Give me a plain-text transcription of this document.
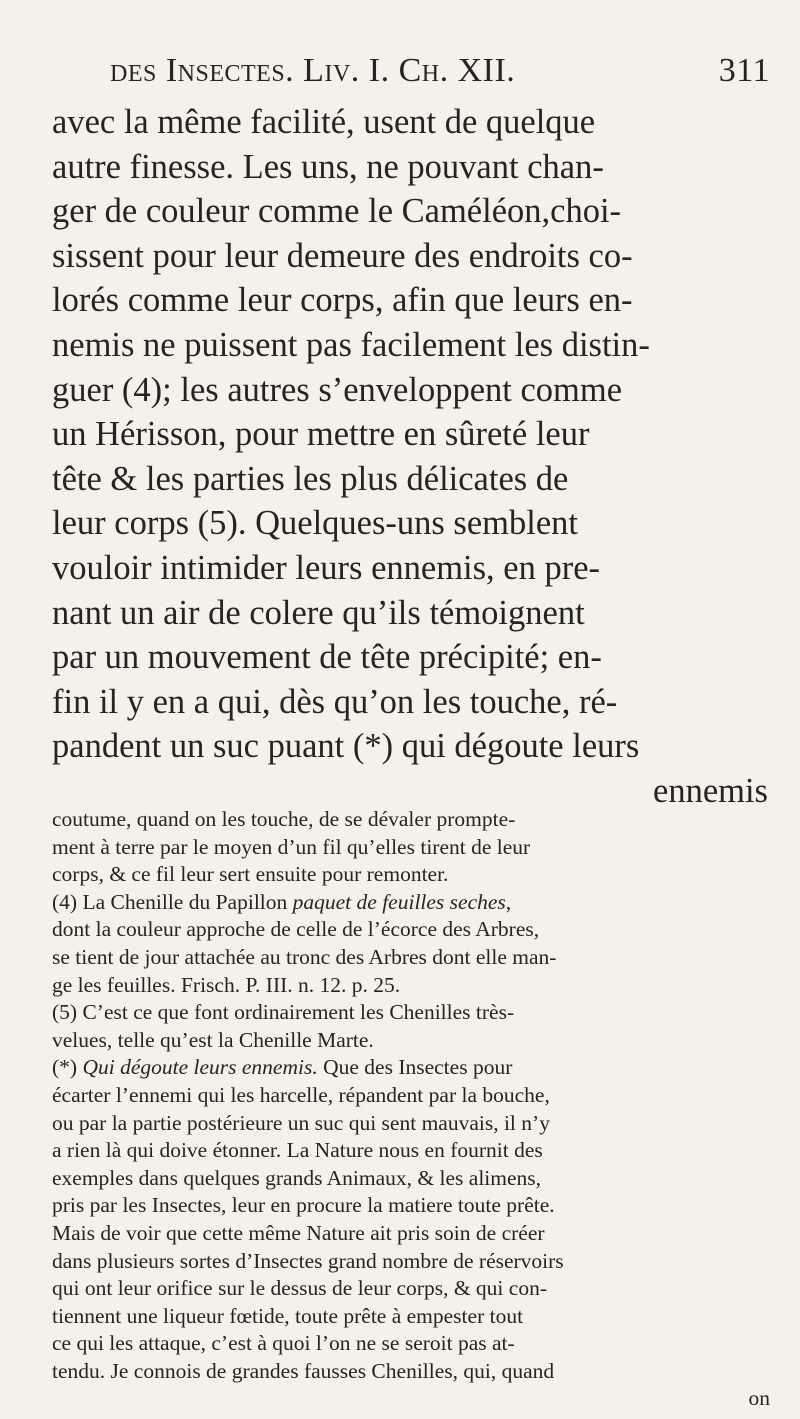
des Insectes. Liv. I. Ch. XII.	311
avec la même facilité, usent de quelque
autre finesse. Les uns, ne pouvant chan-
ger de couleur comme le Caméléon,choi-
sissent pour leur demeure des endroits co-
lorés comme leur corps, afin que leurs en-
nemis ne puissent pas facilement les distin-
guer (4); les autres s’enveloppent comme
un Hérisson, pour mettre en sûreté leur
tête & les parties les plus délicates de
leur corps (5). Quelques-uns semblent
vouloir intimider leurs ennemis, en pre-
nant un air de colere qu’ils témoignent
par un mouvement de tête précipité; en-
fin il y en a qui, dès qu’on les touche, ré-
pandent un suc puant (*) qui dégoute leurs
ennemis
coutume, quand on les touche, de se dévaler prompte-
ment à terre par le moyen d’un fil qu’elles tirent de leur
corps, & ce fil leur sert ensuite pour remonter.
(4) La Chenille du Papillon paquet de feuilles seches,
dont la couleur approche de celle de l’écorce des Arbres,
se tient de jour attachée au tronc des Arbres dont elle man-
ge les feuilles. Frisch. P. III. n. 12. p. 25.
(5) C’est ce que font ordinairement les Chenilles très-
velues, telle qu’est la Chenille Marte.
(*) Qui dégoute leurs ennemis. Que des Insectes pour
écarter l’ennemi qui les harcelle, répandent par la bouche,
ou par la partie postérieure un suc qui sent mauvais, il n’y
a rien là qui doive étonner. La Nature nous en fournit des
exemples dans quelques grands Animaux, & les alimens,
pris par les Insectes, leur en procure la matiere toute prête.
Mais de voir que cette même Nature ait pris soin de créer
dans plusieurs sortes d’Insectes grand nombre de réservoirs
qui ont leur orifice sur le dessus de leur corps, & qui con-
tiennent une liqueur fœtide, toute prête à empester tout
ce qui les attaque, c’est à quoi l’on ne se seroit pas at-
tendu. Je connois de grandes fausses Chenilles, qui, quand
on
